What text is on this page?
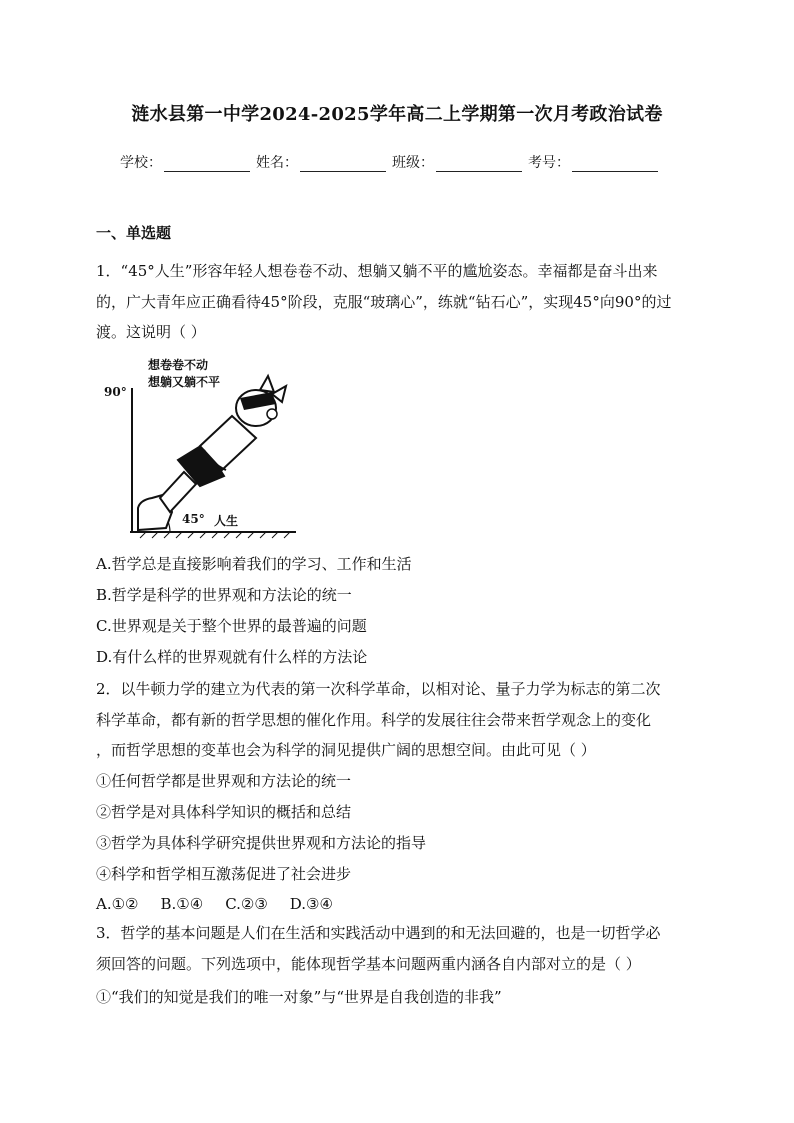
涟水县第一中学2024-2025学年高二上学期第一次月考政治试卷
学校：	姓名：	班级：	考号：
一、单选题
1．“45°人生”形容年轻人想卷卷不动、想躺又躺不平的尴尬姿态。幸福都是奋斗出来
的，广大青年应正确看待45°阶段，克服“玻璃心”，练就“钻石心”，实现45°向90°的过
渡。这说明（ ）
想卷卷不动
想躺又躺不平
90°
45° 人生
A.哲学总是直接影响着我们的学习、工作和生活
B.哲学是科学的世界观和方法论的统一
C.世界观是关于整个世界的最普遍的问题
D.有什么样的世界观就有什么样的方法论
2．以牛顿力学的建立为代表的第一次科学革命，以相对论、量子力学为标志的第二次
科学革命，都有新的哲学思想的催化作用。科学的发展往往会带来哲学观念上的变化
，而哲学思想的变革也会为科学的洞见提供广阔的思想空间。由此可见（ ）
①任何哲学都是世界观和方法论的统一
②哲学是对具体科学知识的概括和总结
③哲学为具体科学研究提供世界观和方法论的指导
④科学和哲学相互激荡促进了社会进步
A.①② B.①④ C.②③ D.③④
3．哲学的基本问题是人们在生活和实践活动中遇到的和无法回避的，也是一切哲学必
须回答的问题。下列选项中，能体现哲学基本问题两重内涵各自内部对立的是（ ）
①“我们的知觉是我们的唯一对象”与“世界是自我创造的非我”
